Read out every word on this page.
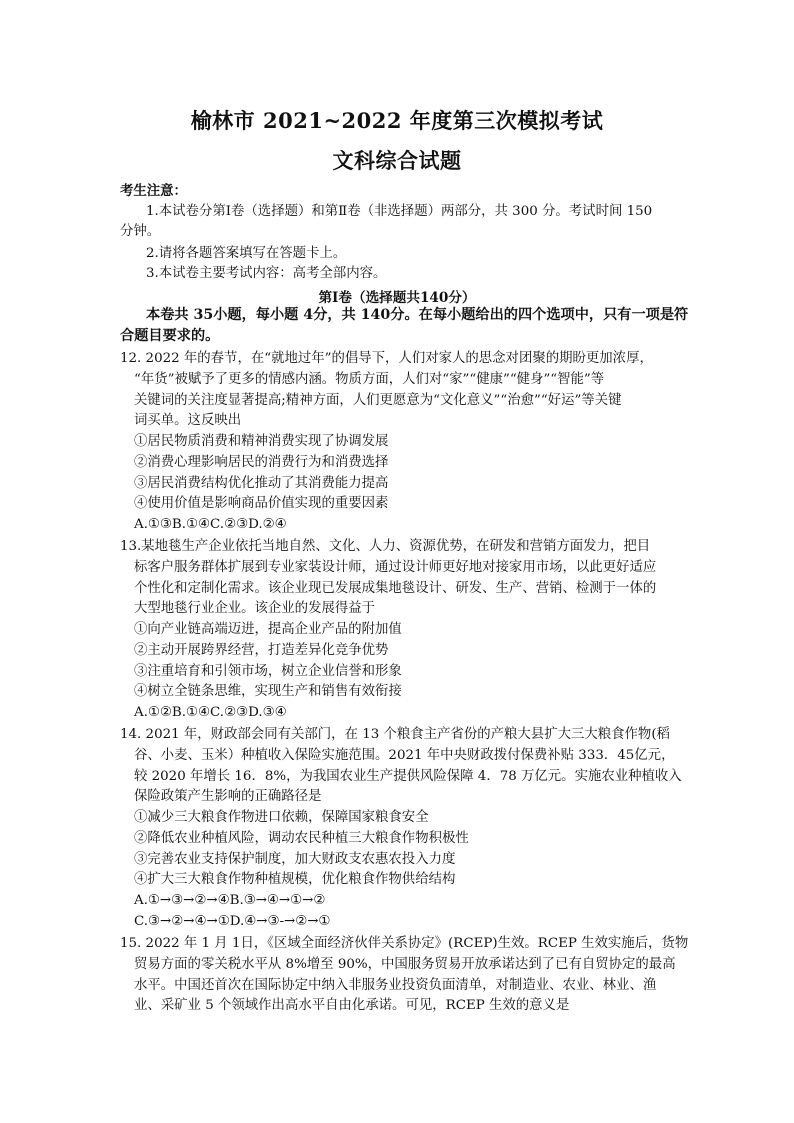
榆林市 2021~2022 年度第三次模拟考试
文科综合试题
考生注意：
1.本试卷分第Ⅰ卷（选择题）和第Ⅱ卷（非选择题）两部分，共 300 分。考试时间 150
分钟。
2.请将各题答案填写在答题卡上。
3.本试卷主要考试内容：高考全部内容。
第Ⅰ卷（选择题共140分）
本卷共 35小题，每小题 4分，共 140分。在每小题给出的四个选项中，只有一项是符
合题目要求的。
12. 2022 年的春节，在“就地过年”的倡导下，人们对家人的思念对团聚的期盼更加浓厚，
“年货”被赋予了更多的情感内涵。物质方面，人们对“家”“健康”“健身”“智能”等
关键词的关注度显著提高;精神方面，人们更愿意为“文化意义”“治愈”“好运”等关键
词买单。这反映出
①居民物质消费和精神消费实现了协调发展
②消费心理影响居民的消费行为和消费选择
③居民消费结构优化推动了其消费能力提高
④使用价值是影响商品价值实现的重要因素
A.①③B.①④C.②③D.②④
13.某地毯生产企业依托当地自然、文化、人力、资源优势，在研发和营销方面发力，把目
标客户服务群体扩展到专业家装设计师，通过设计师更好地对接家用市场，以此更好适应
个性化和定制化需求。该企业现已发展成集地毯设计、研发、生产、营销、检测于一体的
大型地毯行业企业。该企业的发展得益于
①向产业链高端迈进，提高企业产品的附加值
②主动开展跨界经营，打造差异化竞争优势
③注重培育和引领市场，树立企业信誉和形象
④树立全链条思维，实现生产和销售有效衔接
A.①②B.①④C.②③D.③④
14. 2021 年，财政部会同有关部门，在 13 个粮食主产省份的产粮大县扩大三大粮食作物(稻
谷、小麦、玉米）种植收入保险实施范围。2021 年中央财政拨付保费补贴 333．45亿元，
较 2020 年增长 16．8%，为我国农业生产提供风险保障 4．78 万亿元。实施农业种植收入
保险政策产生影响的正确路径是
①减少三大粮食作物进口依赖，保障国家粮食安全
②降低农业种植风险，调动农民种植三大粮食作物积极性
③完善农业支持保护制度，加大财政支农惠农投入力度
④扩大三大粮食作物种植规模，优化粮食作物供给结构
A.①→③→②→④B.③→④→①→②
C.③→②→④→①D.④→③-→②→①
15. 2022 年 1 月 1日，《区域全面经济伙伴关系协定》(RCEP)生效。RCEP 生效实施后，货物
贸易方面的零关税水平从 8%增至 90%，中国服务贸易开放承诺达到了已有自贸协定的最高
水平。中国还首次在国际协定中纳入非服务业投资负面清单，对制造业、农业、林业、渔
业、采矿业 5 个领域作出高水平自由化承诺。可见，RCEP 生效的意义是
